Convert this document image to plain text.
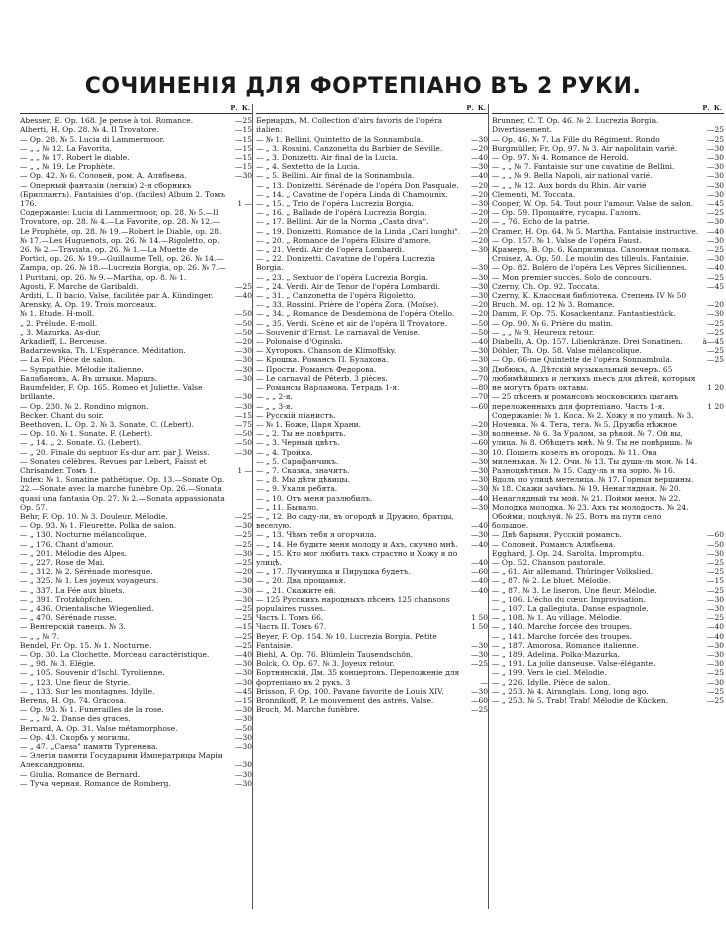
СОЧИНЕНІЯ ДЛЯ ФОРТЕПІАНО ВЪ 2 РУКИ.
Р. К.
Abesser, E. Op. 168. Je pense à toi. Romance.	—25
Alberti, H. Op. 28. № 4. Il Trovatore.	—15
— Op. 28. № 5. Lucia di Lammermoor.	—15
— „ „ № 12. La Favorita.	—15
— „ „ № 17. Robert le diable.	—15
— „ „ № 19. Le Prophète.	—15
— Op. 42. № 6. Соловей, ром. А. Алябьева.	—30
— Оперный фантазіи (легкія) 2-я сборникъ (Бриллантъ). Fantaisies d'op. (faciles) Album 2. Томъ 176.	1 —
Содержаніе: Lucia di Lammermoor, op. 28. № 5.—Il Trovatore, op. 28. № 4.—La Favorite, op. 28. № 12.—Le Prophète, op. 28. № 19.—Robert le Diable, op. 28. № 17.—Les Huguenots, op. 26. № 14.—Rigoletto, op. 26. № 2.—Traviata, op. 26. № 1.—La Muette de Portici, op. 26. № 19.—Guillaume Tell, op. 26. № 14.—Zampa, op. 26. № 18.—Lucrezia Borgia, op. 26. № 7.—I Puritani, op. 26. № 9.—Martha, op. 8. № 1.
Agosti, F. Marche de Garibaldi.	—25
Arditi, L. Il bacio. Valse, facilitée par A. Kündinger.	—40
Arensky, A. Op. 19. Trois morceaux.
№ 1. Etude. H-moll.	—50
„ 2. Prélude. E-moll.	—50
„ 3. Mazurka. As-dur.	—50
Arkadieff, L. Berceuse.	—20
Badarzewska, Th. L'Espérance. Méditation.	—30
— La Foi. Pièce de salon.	—30
— Sympathie. Mélodie italienne.	—30
Балабановъ, А. Въ штыки. Маршъ.	—30
Baumfelder, F. Op. 165. Romeo et Juliette. Valse brillante.	—30
— Op. 230. № 2. Rondino mignon.	—30
Becker. Chant du soir.	—15
Beethoven, L. Op. 2. № 3. Sonate. C. (Lebert).	—75
— Op. 10. № 1. Sonate. F. (Lebert).	—50
— „ 14. „ 2. Sonate. G. (Lebert).	—50
— „ 20. Finale du septuor Es-dur arr. par J. Weiss.	—30
— Sonates célèbres. Revues par Lebert, Faisst et Chrisander. Томъ 1.	1 —
Index: № 1. Sonatine pathétique. Op. 13.—Sonate Op. 22.—Sonate avec la marche funèbre Op. 26.—Sonata quasi una fantasia Op. 27. № 2.—Sonata appassionata Op. 57.
Behr, F. Op. 10. № 3. Douleur. Mélodie.	—25
— Op. 93. № 1. Fleurette. Polka de salon.	—30
— „ 130. Nocturne mélancolique.	—25
— „ 176. Chant d'amour.	—25
— „ 201. Mélodie des Alpes.	—30
— „ 227. Rose de Mai.	—25
— „ 312. № 2. Sérénade moresque.	—20
— „ 325. № 1. Les joyeux voyageurs.	—30
— „ 337. La Fée aux bluets.	—30
— „ 391. Trotzköpfchen.	—30
— „ 436. Orientalische Wiegenlied.	—25
— „ 470. Sérénade russe.	—25
— Венгерскій танецъ. № 3.	—15
— „ „ № 7.	—25
Bendel, Fr. Op. 15. № 1. Nocturne.	—25
— Op. 30. La Clochette. Morceau caractéristique.	—40
— „ 98. № 3. Elégie.	—30
— „ 105. Souvenir d'Ischl. Tyrolienne.	—30
— „ 123. Une fleur de Styrie.	—30
— „ 133. Sur les montagnes. Idylle.	—45
Berens, H. Op. 74. Gracosa.	—15
— Op. 93. № 1. Funerailles de la rose.	—30
— „ „ № 2. Danse des graces.	—30
Bernard, A. Op. 31. Valse métamorphose.	—50
— Op. 43. Скорбь у могилы.	—30
— „ 47. „Caesa" памяти Тургенева.	—30
— Элегія памяти Государыни Императрицы Маріи Александровны.	—30
— Giulia. Romance de Bernard.	—30
— Туча черная. Romance de Romberg.	—30
Р. К.
Бернардъ, М. Collection d'airs favoris de l'opéra italien:
— № 1. Bellini. Quintetto de la Sonnambula.	—30
— „ 3. Rossini. Canzonetta du Barbier de Séville.	—20
— „ 3. Donizetti. Air final de la Lucia.	—40
— „ 4. Sextetto de la Lucia.	—30
— „ 5. Bellini. Air final de la Sonnambula.	—40
— „ 13. Donizetti. Sérénade de l'opéra Don Pasquale.	—20
— „ 14. „ Cavatine de l'opéra Linda di Chamounix.	—20
— „ 15. „ Trio de l'opéra Lucrezia Borgia.	—30
— „ 16. „ Ballade de l'opéra Lucrezia Borgia.	—20
— „ 17. Bellini. Air de la Norma „Casta diva".	—20
— „ 19. Donizetti. Romance de la Linda „Cari luoghi".	—20
— „ 20. „ Romance de l'opéra Elisire d'amore.	—20
— „ 21. Verdi. Air de l'opéra Lombardi.	—30
— „ 22. Donizetti. Cavatine de l'opéra Lucrezia Borgia.	—30
— „ 23. „ Sextuor de l'opéra Lucrezia Borgia.	—30
— „ 24. Verdi. Air de Tenor de l'opéra Lombardi.	—30
— „ 31. „ Canzonetta de l'opéra Rigoletto.	—30
— „ 33. Rossini. Prière de l'opéra Zora. (Moïse).	—20
— „ 34. „ Romance de Desdemona de l'opéra Otello.	—20
— „ 35. Verdi. Scène et air de l'opéra Il Trovatore.	—50
— Souvenir d'Ernst. Le carnaval de Venise.	—50
— Polonaise d'Oginski.	—40
— Хуторокъ. Chanson de Klimoffsky.	—30
— Крошка. Романсъ П. Булахова.	—30
— Прости. Романсъ Федорова.	—30
— Le carnaval de Péterb. 3 pièces.	—70
— Романсы Варламова. Тетрадь 1-я.	—80
— „ „ 2-я.	—70
— „ „ 3-я.	—60
— Русскій піанистъ.
— № 1. Боже, Царя Храни.	—20
— „ 2. Ты не повѣрить.	—30
— „ 3. Черный цвѣтъ.	—60
— „ 4. Тройка.	—30
— „ 5. Сарафанчикъ.	—30
— „ 7. Сказка, значитъ.	—30
— „ 8. Мы дѣти дѣвицы.	—30
— „ 9. Ухаля ребята.	—30
— „ 10. Отъ меня разлюбилъ.	—40
— „ 11. Бывало.	—30
— „ 12. Во саду-ли, въ огородѣ и Дружно, братцы, веселую.	—40
— „ 13. Чѣмъ тебя я огорчила.	—30
— „ 14. Не будите меня молоду и Ахъ, скучно мнѣ.	—40
— „ 15. Кто мог любить такъ страстно и Хожу я по улицѣ.	—40
— „ 17. Лучинушка и Пирушка будетъ.	—60
— „ 20. Два прощанья.	—40
— „ 21. Скажите ей.	—40
— 125 Русскихъ народныхъ пѣсенъ 125 chansons populaires russes.
Часть I. Томъ 66.	1 50
Часть II. Томъ 67.	1 50
Beyer, F. Op. 154. № 10. Lucrezia Borgia. Petite Fantaisie.	—30
Biehl, A. Op. 76. Blümlein Tausendschön.	—30
Bolck, O. Op. 67. № 3. Joyeux retour.	—25
Бортнянскій, Дм. 35 концертовъ. Переложеніе для фортепіано въ 2 рукъ. 3	—
Brisson, F. Op. 100. Pavane favorite de Louis XIV.	—30
Bronnikoff, P. Le mouvement des astres. Valse.	—60
Bruch, M. Marche funèbre.	—25
Р. К.
Brunner, C. T. Op. 46. № 2. Lucrezia Borgia. Divertissement.	—25
— Op. 46. № 7. La Fille du Régiment. Rondo	—25
Burgmüller, Fr. Op. 97. № 3. Air napolitain varié.	—30
— Op. 97. № 4. Romance de Herold.	—30
— „ „ № 7. Fantaisie sur une cavatine de Bellini.	—30
— „ „ № 9. Bella Napoli, air national varié.	—30
— „ „ № 12. Aux bords du Rhin. Air varié	—30
Clementi, M. Toccata.	—30
Cooper, W. Op. 54. Tout pour l'amour. Valse de salon.	—45
— Op. 59. Прощайте, гусары. Галопъ.	—25
— „ 76. Echo de la patrie.	—30
Cramer, H. Op. 64. № 5. Martha. Fantaisie instructive.	—40
— Op. 157. № 1. Valse de l'opéra Faust.	—30
Крамеръ, В. Op. 6. Капризница. Салонная полька.	—25
Croisez, A. Op. 50. Le moulin des tilleuls. Fantaisie.	—30
— Op. 82. Boléro de l'opéra Les Vêpres Siciliennes.	—40
— Mon premier succès. Solo de concours.	—25
Czerny, Ch. Op. 92. Toccata.	—45
Czerny, K. Классная библіотека. Степень IV № 50 Bruch. M. op. 12 № 3. Romance.	—20
Damm, F. Op. 75. Kosackentanz. Fantastiestück.	—30
— Op. 90. № 6. Prière du matin.	—25
— „ „ № 9. Heureux retour.	—25
Diabelli, A. Op. 157. Lilienkränze. Drei Sonatinen.	à—45
Döhler, Th. Op. 58. Valse mélancolique.	—25
— Op. 66-me Quintette de l'opéra Sonnambula.	—25
Дюбюкъ, А. Дѣтскій музыкальный вечеръ. 65 любимѣйшихъ и легкихъ пьесъ для дѣтей, которыя не могутъ брать октавы.	1 20
— 25 пѣсенъ и романсовъ московскихъ цыганъ переложенныхъ для фортепіано. Часть 1-я.	1 20
Содержаніе: № 1. Коса. № 2. Хожу я по улицѣ. № 3. Ночевка. № 4. Тега, тега. № 5. Дружба нѣжное волненье. № 6. За Уралом, за рѣкой. № 7. Ой вы, улица. № 8. Обѣщетъ мнѣ. № 9. Ты не повѣришь. № 10. Пошелъ козелъ въ огородъ. № 11. Ова миленькая. № 12. Очи. № 13. Ты душа-ль моя. № 14. Разноцвѣтныя. № 15. Саду-ль я на зорю. № 16. Вдоль по улицѣ метелица. № 17. Горныя вершины. № 18. Скажи зачѣмъ. № 19. Ненаглядная. № 20. Ненаглядный ты мой. № 21. Пойми меня. № 22. Молодка молодка. № 23. Ахъ ты молодость. № 24. Обойми, поцѣлуй. № 25. Вотъ на пути село большое.
— Двѣ барыни. Русскій романсъ.	—60
— Соловей. Романсъ Алябьева.	—50
Egghard, J. Op. 24. Sarolta. Impromptu.	—30
— Op. 52. Chanson pastorale.	—25
— „ 61. Air allemand. Thüringer Volkslied.	—25
— „ 87. № 2. Le bluet. Mélodie.	—15
— „ 87. № 3. Le liseron. Une fleur. Mélodie.	—25
— „ 106. L'écho du cœur. Improvisation.	—30
— „ 107. La gallegiuta. Danse espagnole.	—30
— „ 108. № 1. Au village. Mélodie.	—25
— „ 140. Marche forcée des troupes.	—40
— „ 141. Marche forcée des troupes.	—40
— „ 187. Amorosa. Romance italienne.	—30
— „ 189. Adelina. Polka-Mazurka.	—30
— „ 191. La jolie danseuse. Valse-élégante.	—30
— „ 199. Vers le ciel. Mélodie.	—25
— „ 226. Idylle. Pièce de salon.	—30
— „ 253. № 4. Airanglais. Long, long ago.	—25
— „ 253. № 5. Trab! Trab! Mélodie de Kücken.	—25
